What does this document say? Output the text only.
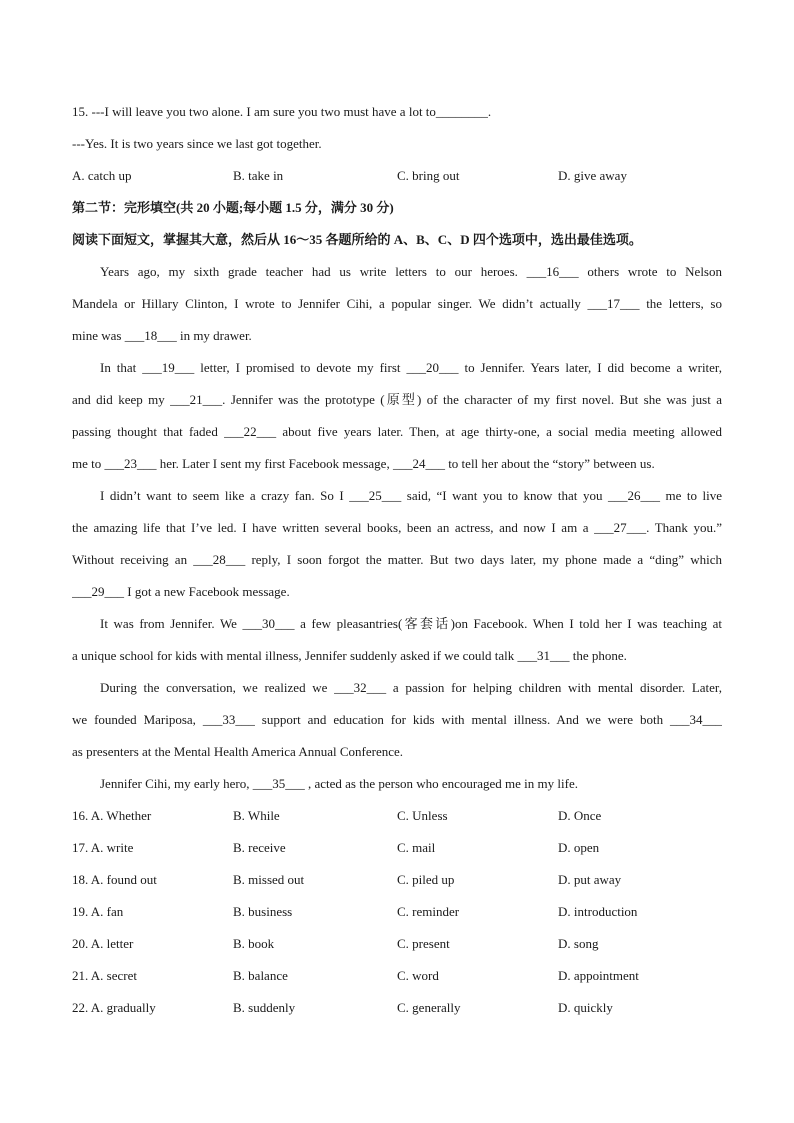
15. ---I will leave you two alone. I am sure you two must have a lot to________.
---Yes. It is two years since we last got together.
A. catch up	B. take in	C. bring out	D. give away
第二节：完形填空(共 20 小题;每小题 1.5 分，满分 30 分)
阅读下面短文，掌握其大意，然后从 16～35 各题所给的 A、B、C、D 四个选项中，选出最佳选项。
Years ago, my sixth grade teacher had us write letters to our heroes. ___16___ others wrote to Nelson
Mandela or Hillary Clinton, I wrote to Jennifer Cihi, a popular singer. We didn’t actually ___17___ the letters, so
mine was ___18___ in my drawer.
In that ___19___ letter, I promised to devote my first ___20___ to Jennifer. Years later, I did become a writer,
and did keep my ___21___. Jennifer was the prototype (原型) of the character of my first novel. But she was just a
passing thought that faded ___22___ about five years later. Then, at age thirty-one, a social media meeting allowed
me to ___23___ her. Later I sent my first Facebook message, ___24___ to tell her about the “story” between us.
I didn’t want to seem like a crazy fan. So I ___25___ said, “I want you to know that you ___26___ me to live
the amazing life that I’ve led. I have written several books, been an actress, and now I am a ___27___. Thank you.”
Without receiving an ___28___ reply, I soon forgot the matter. But two days later, my phone made a “ding” which
___29___ I got a new Facebook message.
It was from Jennifer. We ___30___ a few pleasantries(客套话)on Facebook. When I told her I was teaching at
a unique school for kids with mental illness, Jennifer suddenly asked if we could talk ___31___ the phone.
During the conversation, we realized we ___32___ a passion for helping children with mental disorder. Later,
we founded Mariposa, ___33___ support and education for kids with mental illness. And we were both ___34___
as presenters at the Mental Health America Annual Conference.
Jennifer Cihi, my early hero, ___35___ , acted as the person who encouraged me in my life.
16. A. Whether	B. While	C. Unless	D. Once
17. A. write	B. receive	C. mail	D. open
18. A. found out	B. missed out	C. piled up	D. put away
19. A. fan	B. business	C. reminder	D. introduction
20. A. letter	B. book	C. present	D. song
21. A. secret	B. balance	C. word	D. appointment
22. A. gradually	B. suddenly	C. generally	D. quickly
